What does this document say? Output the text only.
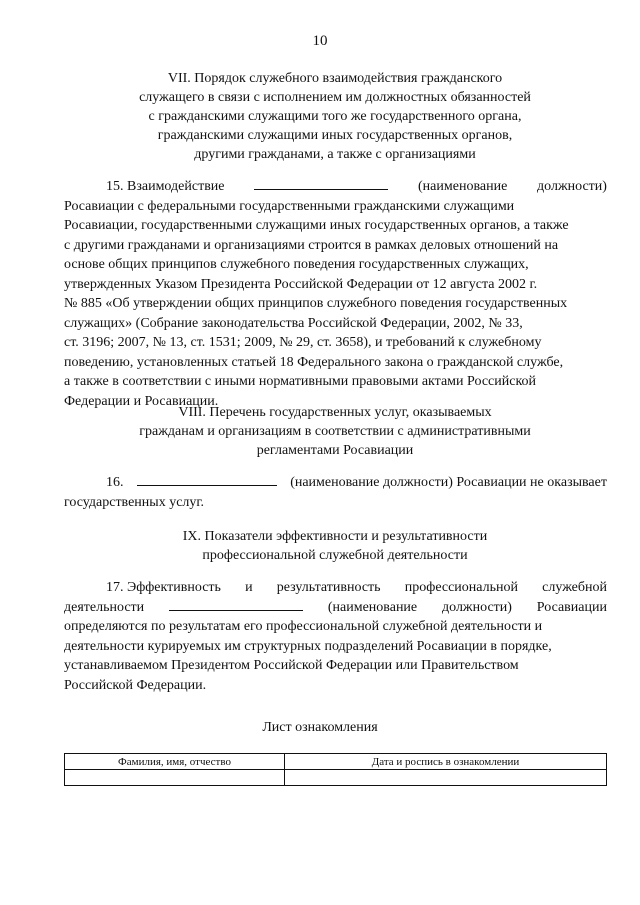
10
VII. Порядок служебного взаимодействия гражданского
служащего в связи с исполнением им должностных обязанностей
с гражданскими служащими того же государственного органа,
гражданскими служащими иных государственных органов,
другими гражданами, а также с организациями
15. Взаимодействие	(наименование должности)
Росавиации с федеральными государственными гражданскими служащими
Росавиации, государственными служащими иных государственных органов, а также
с другими гражданами и организациями строится в рамках деловых отношений на
основе общих принципов служебного поведения государственных служащих,
утвержденных Указом Президента Российской Федерации от 12 августа 2002 г.
№ 885 «Об утверждении общих принципов служебного поведения государственных
служащих» (Собрание законодательства Российской Федерации, 2002, № 33,
ст. 3196; 2007, № 13, ст. 1531; 2009, № 29, ст. 3658), и требований к служебному
поведению, установленных статьей 18 Федерального закона о гражданской службе,
а также в соответствии с иными нормативными правовыми актами Российской
Федерации и Росавиации.
VIII. Перечень государственных услуг, оказываемых
гражданам и организациям в соответствии с административными
регламентами Росавиации
16.	(наименование должности) Росавиации не оказывает
государственных услуг.
IX. Показатели эффективности и результативности
профессиональной служебной деятельности
17. Эффективность и результативность профессиональной служебной
деятельности	(наименование должности) Росавиации
определяются по результатам его профессиональной служебной деятельности и
деятельности курируемых им структурных подразделений Росавиации в порядке,
устанавливаемом Президентом Российской Федерации или Правительством
Российской Федерации.
Лист ознакомления
Фамилия, имя, отчество	Дата и роспись в ознакомлении
